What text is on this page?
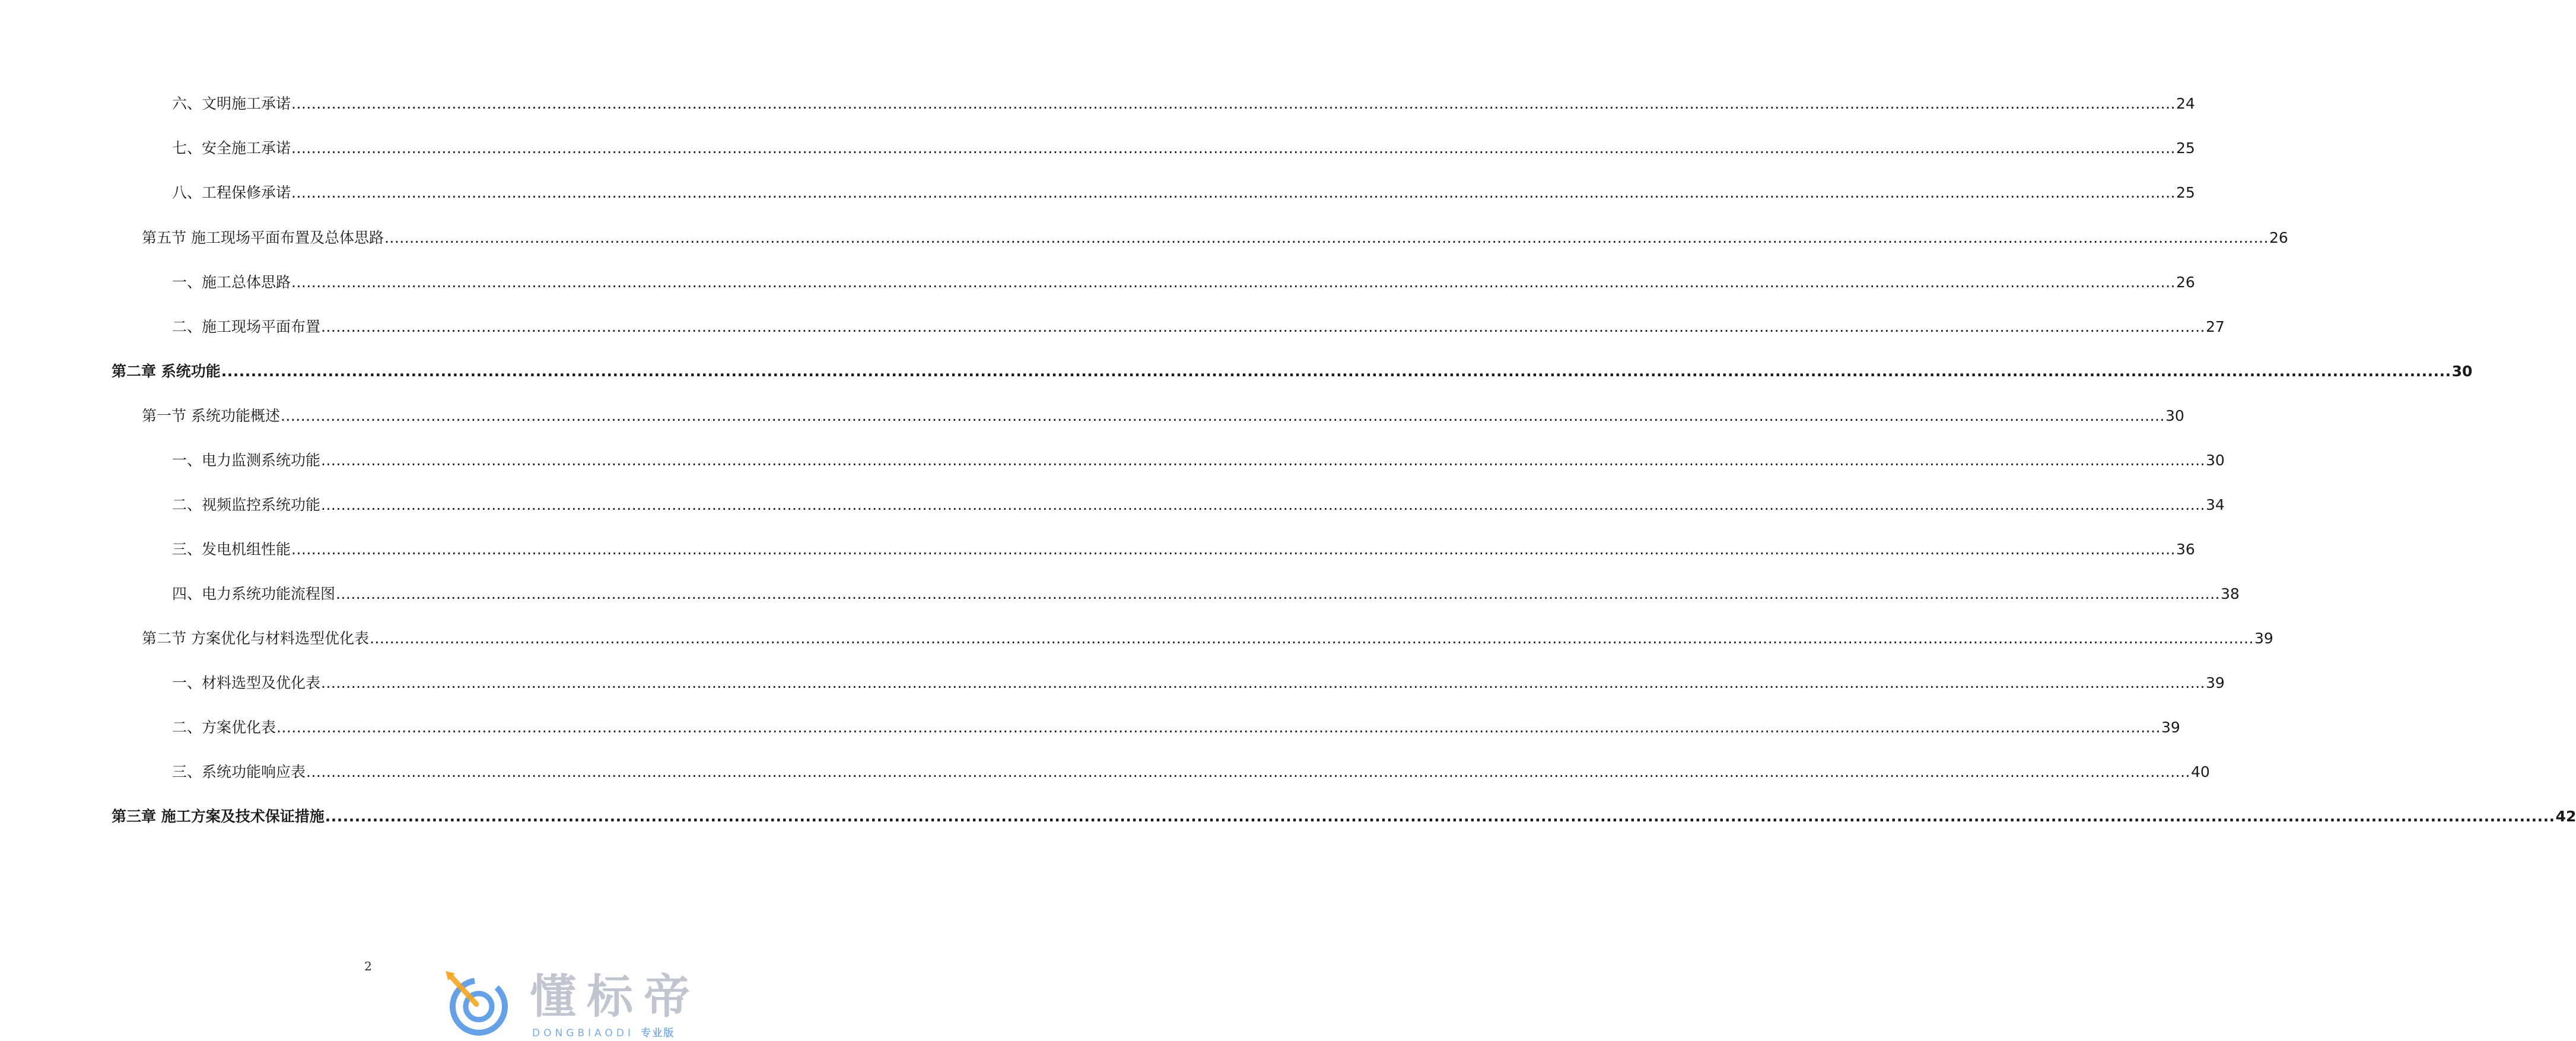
六、文明施工承诺 ........................................................................................................................................................................................................................................................................................................................................................................................ 24
七、安全施工承诺 ........................................................................................................................................................................................................................................................................................................................................................................................ 25
八、工程保修承诺 ........................................................................................................................................................................................................................................................................................................................................................................................ 25
第五节 施工现场平面布置及总体思路 ........................................................................................................................................................................................................................................................................................................................................................................................ 26
一、施工总体思路 ........................................................................................................................................................................................................................................................................................................................................................................................ 26
二、施工现场平面布置 ........................................................................................................................................................................................................................................................................................................................................................................................ 27
第二章 系统功能 ........................................................................................................................................................................................................................................................................................................................................................................................ 30
第一节 系统功能概述 ........................................................................................................................................................................................................................................................................................................................................................................................ 30
一、电力监测系统功能 ........................................................................................................................................................................................................................................................................................................................................................................................ 30
二、视频监控系统功能 ........................................................................................................................................................................................................................................................................................................................................................................................ 34
三、发电机组性能 ........................................................................................................................................................................................................................................................................................................................................................................................ 36
四、电力系统功能流程图 ........................................................................................................................................................................................................................................................................................................................................................................................ 38
第二节 方案优化与材料选型优化表 ........................................................................................................................................................................................................................................................................................................................................................................................ 39
一、材料选型及优化表 ........................................................................................................................................................................................................................................................................................................................................................................................ 39
二、方案优化表 ........................................................................................................................................................................................................................................................................................................................................................................................ 39
三、系统功能响应表 ........................................................................................................................................................................................................................................................................................................................................................................................ 40
第三章 施工方案及技术保证措施 ........................................................................................................................................................................................................................................................................................................................................................................................ 42
2
懂标帝
DONGBIAODI 专业版
